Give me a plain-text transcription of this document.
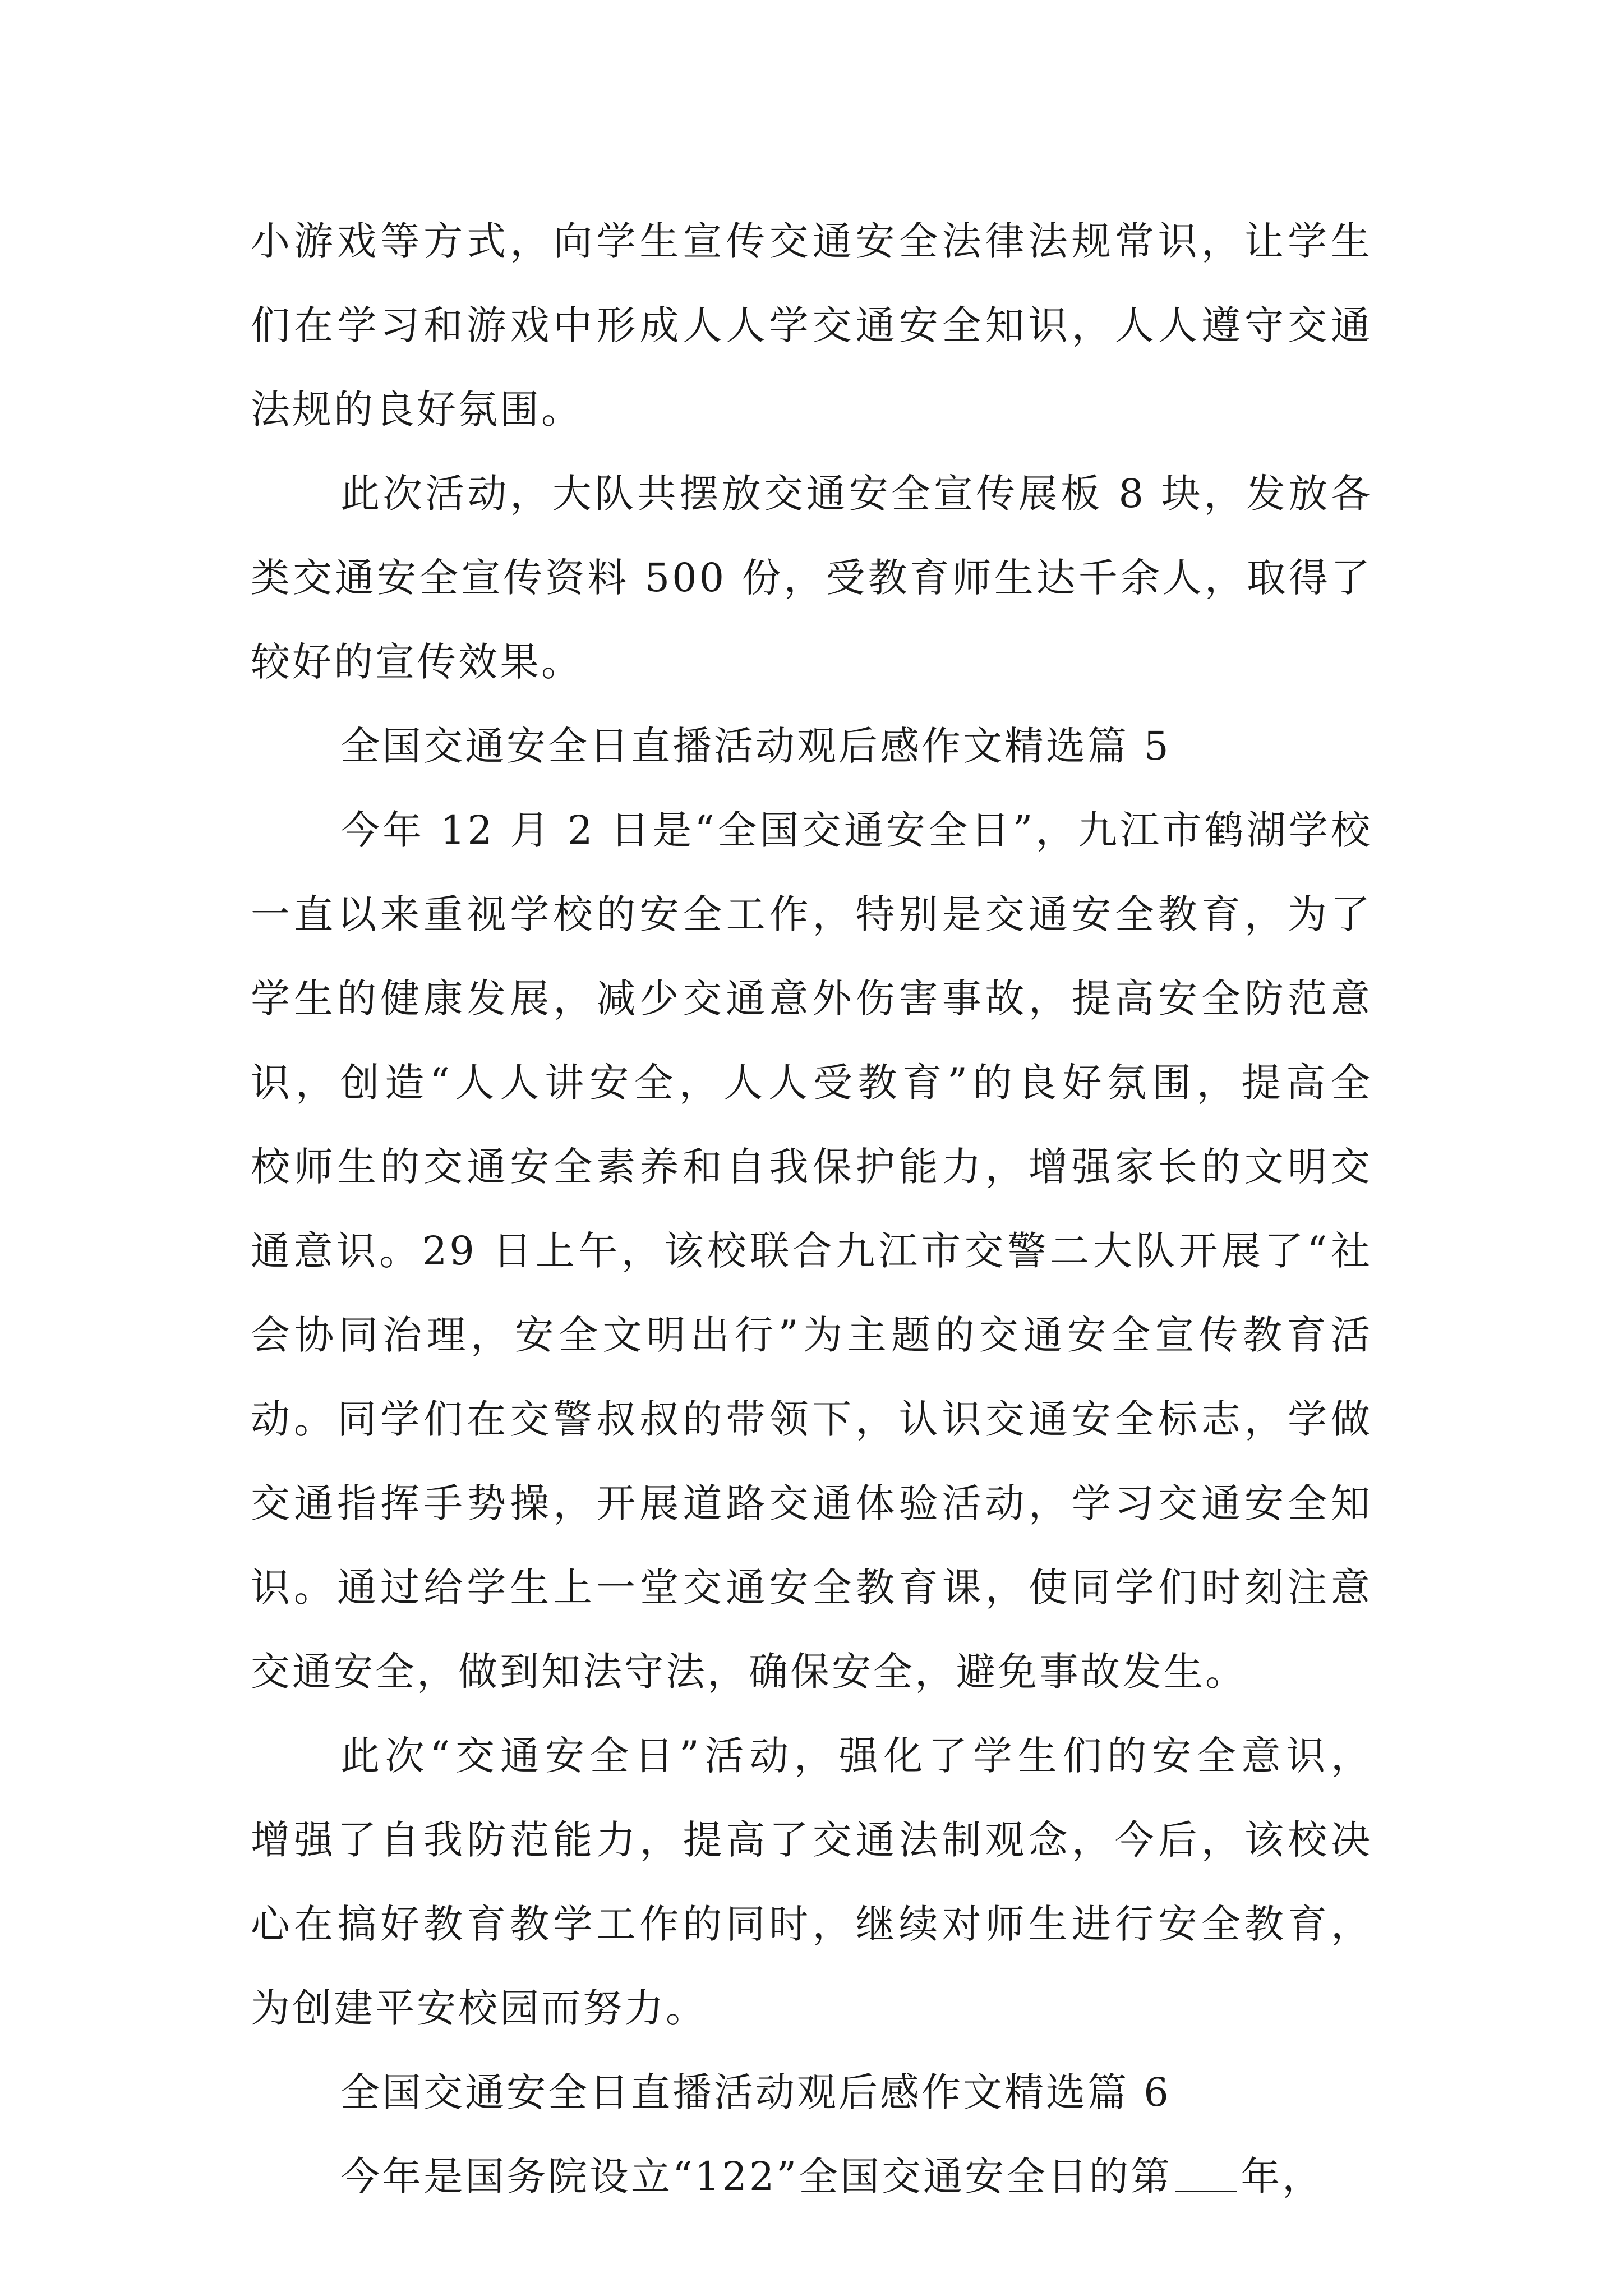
小游戏等方式，向学生宣传交通安全法律法规常识，让学生
们在学习和游戏中形成人人学交通安全知识，人人遵守交通
法规的良好氛围。
此次活动，大队共摆放交通安全宣传展板 8 块，发放各
类交通安全宣传资料 500 份，受教育师生达千余人，取得了
较好的宣传效果。
全国交通安全日直播活动观后感作文精选篇 5
今年 12 月 2 日是“全国交通安全日”，九江市鹤湖学校
一直以来重视学校的安全工作，特别是交通安全教育，为了
学生的健康发展，减少交通意外伤害事故，提高安全防范意
识，创造“人人讲安全，人人受教育”的良好氛围，提高全
校师生的交通安全素养和自我保护能力，增强家长的文明交
通意识。29 日上午，该校联合九江市交警二大队开展了“社
会协同治理，安全文明出行”为主题的交通安全宣传教育活
动。同学们在交警叔叔的带领下，认识交通安全标志，学做
交通指挥手势操，开展道路交通体验活动，学习交通安全知
识。通过给学生上一堂交通安全教育课，使同学们时刻注意
交通安全，做到知法守法，确保安全，避免事故发生。
此次“交通安全日”活动，强化了学生们的安全意识，
增强了自我防范能力，提高了交通法制观念，今后，该校决
心在搞好教育教学工作的同时，继续对师生进行安全教育，
为创建平安校园而努力。
全国交通安全日直播活动观后感作文精选篇 6
今年是国务院设立“122”全国交通安全日的第 年，
